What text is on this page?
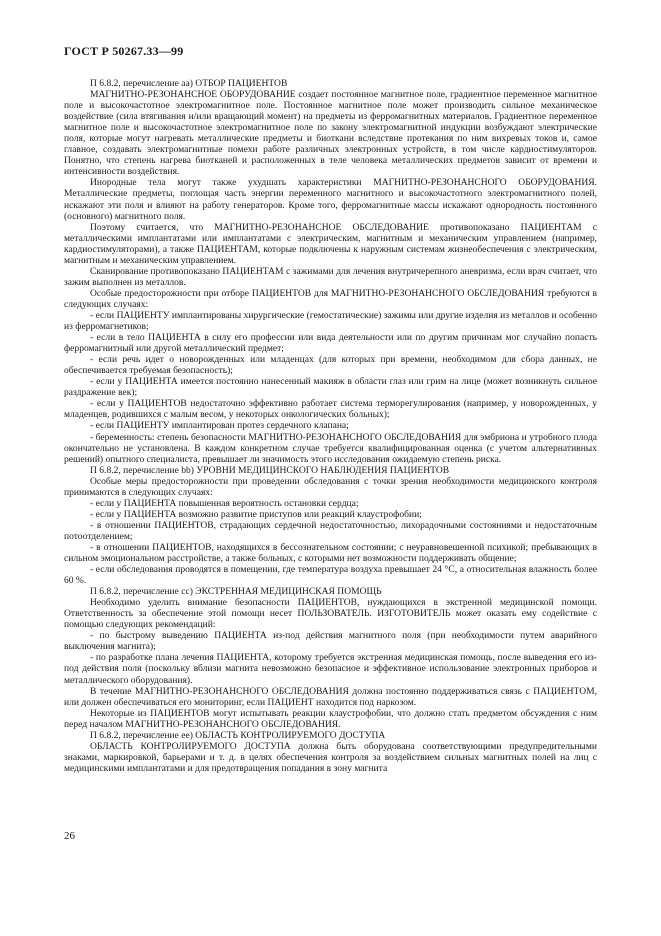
ГОСТ Р 50267.33—99

П 6.8.2, перечисление аа) ОТБОР ПАЦИЕНТОВ

МАГНИТНО-РЕЗОНАНСНОЕ ОБОРУДОВАНИЕ создает постоянное магнитное поле, градиентное переменное магнитное поле и высокочастотное электромагнитное поле. Постоянное магнитное поле может производить сильное механическое воздействие (сила втягивания и/или вращающий момент) на предметы из ферромагнитных материалов. Градиентное переменное магнитное поле и высокочастотное электромагнитное поле по закону электромагнитной индукции возбуждают электрические поля, которые могут нагревать металлические предметы и биоткани вследствие протекания по ним вихревых токов и, самое главное, создавать электромагнитные помехи работе различных электронных устройств, в том числе кардиостимуляторов. Понятно, что степень нагрева биотканей и расположенных в теле человека металлических предметов зависит от времени и интенсивности воздействия.

Инородные тела могут также ухудшать характеристики МАГНИТНО-РЕЗОНАНСНОГО ОБОРУДОВАНИЯ. Металлические предметы, поглощая часть энергии переменного магнитного и высокочастотного электромагнитного полей, искажают эти поля и влияют на работу генераторов. Кроме того, ферромагнитные массы искажают однородность постоянного (основного) магнитного поля.

Поэтому считается, что МАГНИТНО-РЕЗОНАНСНОЕ ОБСЛЕДОВАНИЕ противопоказано ПАЦИЕНТАМ с металлическими имплантатами или имплантатами с электрическим, магнитным и механическим управлением (например, кардиостимуляторами), а также ПАЦИЕНТАМ, которые подключены к наружным системам жизнеобеспечения с электрическим, магнитным и механическим управлением.

Сканирование противопоказано ПАЦИЕНТАМ с зажимами для лечения внутричерепного аневризма, если врач считает, что зажим выполнен из металлов.

Особые предосторожности при отборе ПАЦИЕНТОВ для МАГНИТНО-РЕЗОНАНСНОГО ОБСЛЕДОВАНИЯ требуются в следующих случаях:

- если ПАЦИЕНТУ имплантированы хирургические (гемостатические) зажимы или другие изделия из металлов и особенно из ферромагнетиков;

- если в тело ПАЦИЕНТА в силу его профессии или вида деятельности или по другим причинам мог случайно попасть ферромагнитный или другой металлический предмет;

- если речь идет о новорожденных или младенцах (для которых при времени, необходимом для сбора данных, не обеспечивается требуемая безопасность);

- если у ПАЦИЕНТА имеется постоянно нанесенный макияж в области глаз или грим на лице (может возникнуть сильное раздражение век);

- если у ПАЦИЕНТОВ недостаточно эффективно работает система терморегулирования (например, у новорожденных, у младенцев, родившихся с малым весом, у некоторых онкологических больных);

- если ПАЦИЕНТУ имплантирован протез сердечного клапана;

- беременность: степень безопасности МАГНИТНО-РЕЗОНАНСНОГО ОБСЛЕДОВАНИЯ для эмбриона и утробного плода окончательно не установлена. В каждом конкретном случае требуется квалифицированная оценка (с учетом альтернативных решений) опытного специалиста, превышает ли значимость этого исследования ожидаемую степень риска.

П 6.8.2, перечисление bb) УРОВНИ МЕДИЦИНСКОГО НАБЛЮДЕНИЯ ПАЦИЕНТОВ

Особые меры предосторожности при проведении обследования с точки зрения необходимости медицинского контроля принимаются в следующих случаях:

- если у ПАЦИЕНТА повышенная вероятность остановки сердца;

- если у ПАЦИЕНТА возможно развитие приступов или реакций клаустрофобии;

- в отношении ПАЦИЕНТОВ, страдающих сердечной недостаточностью, лихорадочными состояниями и недостаточным потоотделением;

- в отношении ПАЦИЕНТОВ, находящихся в бессознательном состоянии; с неуравновешенной психикой; пребывающих в сильном эмоциональном расстройстве, а также больных, с которыми нет возможности поддерживать общение;

- если обследования проводятся в помещении, где температура воздуха превышает 24 °С, а относительная влажность более 60 %.

П 6.8.2, перечисление сс) ЭКСТРЕННАЯ МЕДИЦИНСКАЯ ПОМОЩЬ

Необходимо уделить внимание безопасности ПАЦИЕНТОВ, нуждающихся в экстренной медицинской помощи. Ответственность за обеспечение этой помощи несет ПОЛЬЗОВАТЕЛЬ. ИЗГОТОВИТЕЛЬ может оказать ему содействие с помощью следующих рекомендаций:

- по быстрому выведению ПАЦИЕНТА из-под действия магнитного поля (при необходимости путем аварийного выключения магнита);

- по разработке плана лечения ПАЦИЕНТА, которому требуется экстренная медицинская помощь, после выведения его из-под действия поля (поскольку вблизи магнита невозможно безопасное и эффективное использование электронных приборов и металлического оборудования).

В течение МАГНИТНО-РЕЗОНАНСНОГО ОБСЛЕДОВАНИЯ должна постоянно поддерживаться связь с ПАЦИЕНТОМ, или должен обеспечиваться его мониторинг, если ПАЦИЕНТ находится под наркозом.

Некоторые из ПАЦИЕНТОВ могут испытывать реакции клаустрофобии, что должно стать предметом обсуждения с ним перед началом МАГНИТНО-РЕЗОНАНСНОГО ОБСЛЕДОВАНИЯ.

П 6.8.2, перечисление ее) ОБЛАСТЬ КОНТРОЛИРУЕМОГО ДОСТУПА

ОБЛАСТЬ КОНТРОЛИРУЕМОГО ДОСТУПА должна быть оборудована соответствующими предупредительными знаками, маркировкой, барьерами и т. д. в целях обеспечения контроля за воздействием сильных магнитных полей на лиц с медицинскими имплантатами и для предотвращения попадания в зону магнита

26
